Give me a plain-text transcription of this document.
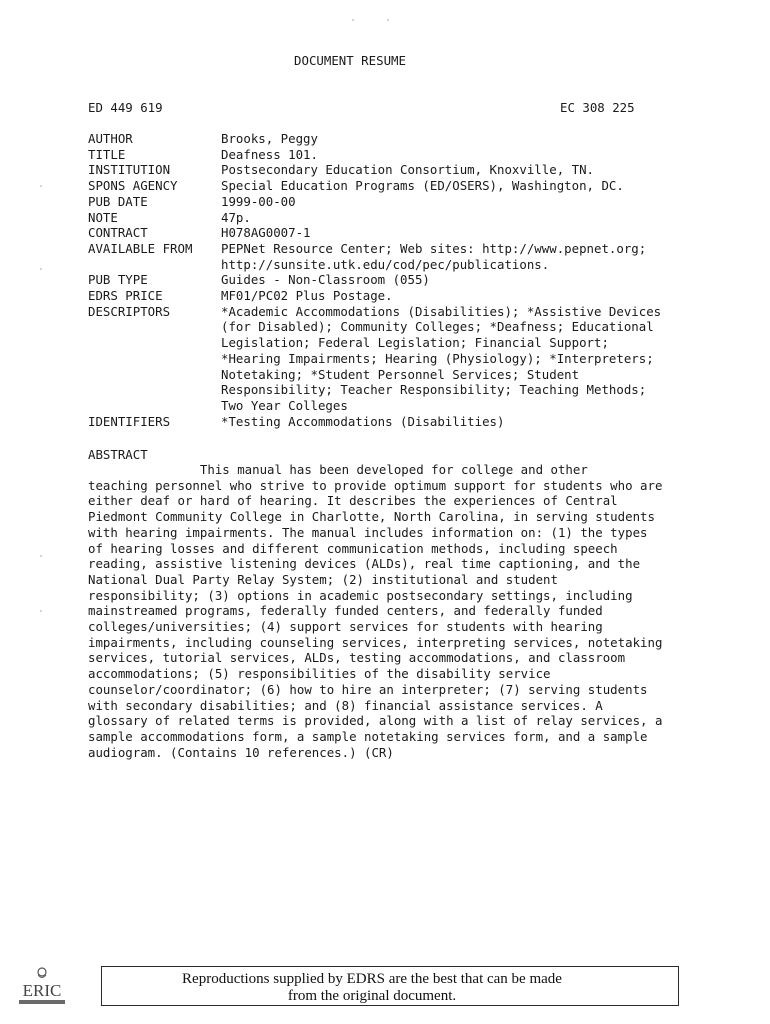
DOCUMENT RESUME
ED 449 619	EC 308 225
AUTHOR	Brooks, Peggy
TITLE	Deafness 101.
INSTITUTION	Postsecondary Education Consortium, Knoxville, TN.
SPONS AGENCY	Special Education Programs (ED/OSERS), Washington, DC.
PUB DATE	1999-00-00
NOTE	47p.
CONTRACT	H078AG0007-1
AVAILABLE FROM	PEPNet Resource Center; Web sites: http://www.pepnet.org;
http://sunsite.utk.edu/cod/pec/publications.
PUB TYPE	Guides - Non-Classroom (055)
EDRS PRICE	MF01/PC02 Plus Postage.
DESCRIPTORS	*Academic Accommodations (Disabilities); *Assistive Devices
(for Disabled); Community Colleges; *Deafness; Educational
Legislation; Federal Legislation; Financial Support;
*Hearing Impairments; Hearing (Physiology); *Interpreters;
Notetaking; *Student Personnel Services; Student
Responsibility; Teacher Responsibility; Teaching Methods;
Two Year Colleges
IDENTIFIERS	*Testing Accommodations (Disabilities)
ABSTRACT
This manual has been developed for college and other
teaching personnel who strive to provide optimum support for students who are
either deaf or hard of hearing. It describes the experiences of Central
Piedmont Community College in Charlotte, North Carolina, in serving students
with hearing impairments. The manual includes information on: (1) the types
of hearing losses and different communication methods, including speech
reading, assistive listening devices (ALDs), real time captioning, and the
National Dual Party Relay System; (2) institutional and student
responsibility; (3) options in academic postsecondary settings, including
mainstreamed programs, federally funded centers, and federally funded
colleges/universities; (4) support services for students with hearing
impairments, including counseling services, interpreting services, notetaking
services, tutorial services, ALDs, testing accommodations, and classroom
accommodations; (5) responsibilities of the disability service
counselor/coordinator; (6) how to hire an interpreter; (7) serving students
with secondary disabilities; and (8) financial assistance services. A
glossary of related terms is provided, along with a list of relay services, a
sample accommodations form, a sample notetaking services form, and a sample
audiogram. (Contains 10 references.) (CR)
ERIC
Reproductions supplied by EDRS are the best that can be made
from the original document.
